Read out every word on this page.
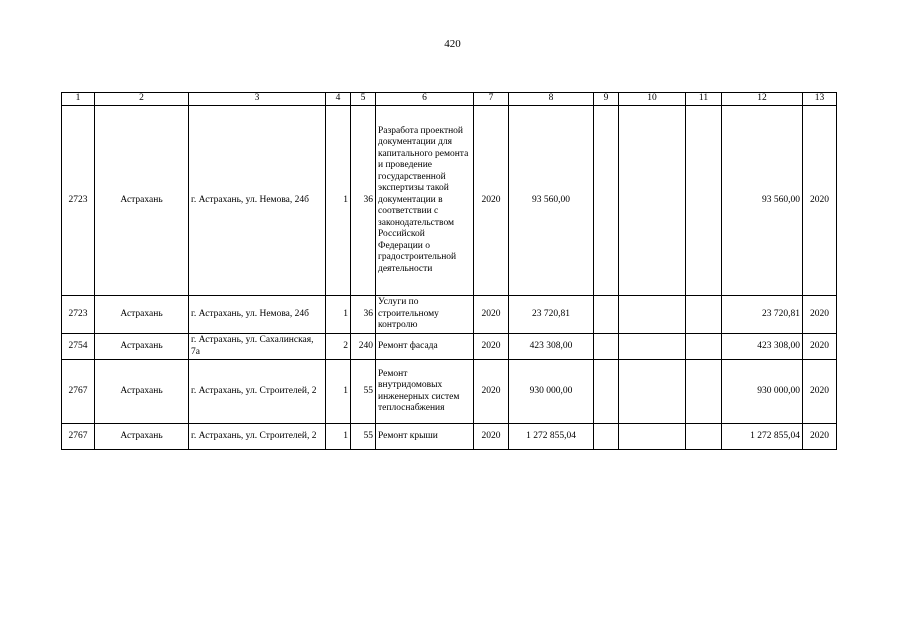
420
1	2	3	4	5	6	7	8	9	10	11	12	13
2723	Астрахань	г. Астрахань, ул. Немова, 24б	1	36	Разработа проектной документации для капитального ремонта и проведение государственной экспертизы такой документации в соответствии с законодательством Российской Федерации о градостроительной деятельности	2020	93 560,00				93 560,00	2020
2723	Астрахань	г. Астрахань, ул. Немова, 24б	1	36	Услуги по строительному контролю	2020	23 720,81				23 720,81	2020
2754	Астрахань	г. Астрахань, ул. Сахалинская, 7а	2	240	Ремонт фасада	2020	423 308,00				423 308,00	2020
2767	Астрахань	г. Астрахань, ул. Строителей, 2	1	55	Ремонт внутридомовых инженерных систем теплоснабжения	2020	930 000,00				930 000,00	2020
2767	Астрахань	г. Астрахань, ул. Строителей, 2	1	55	Ремонт крыши	2020	1 272 855,04				1 272 855,04	2020
